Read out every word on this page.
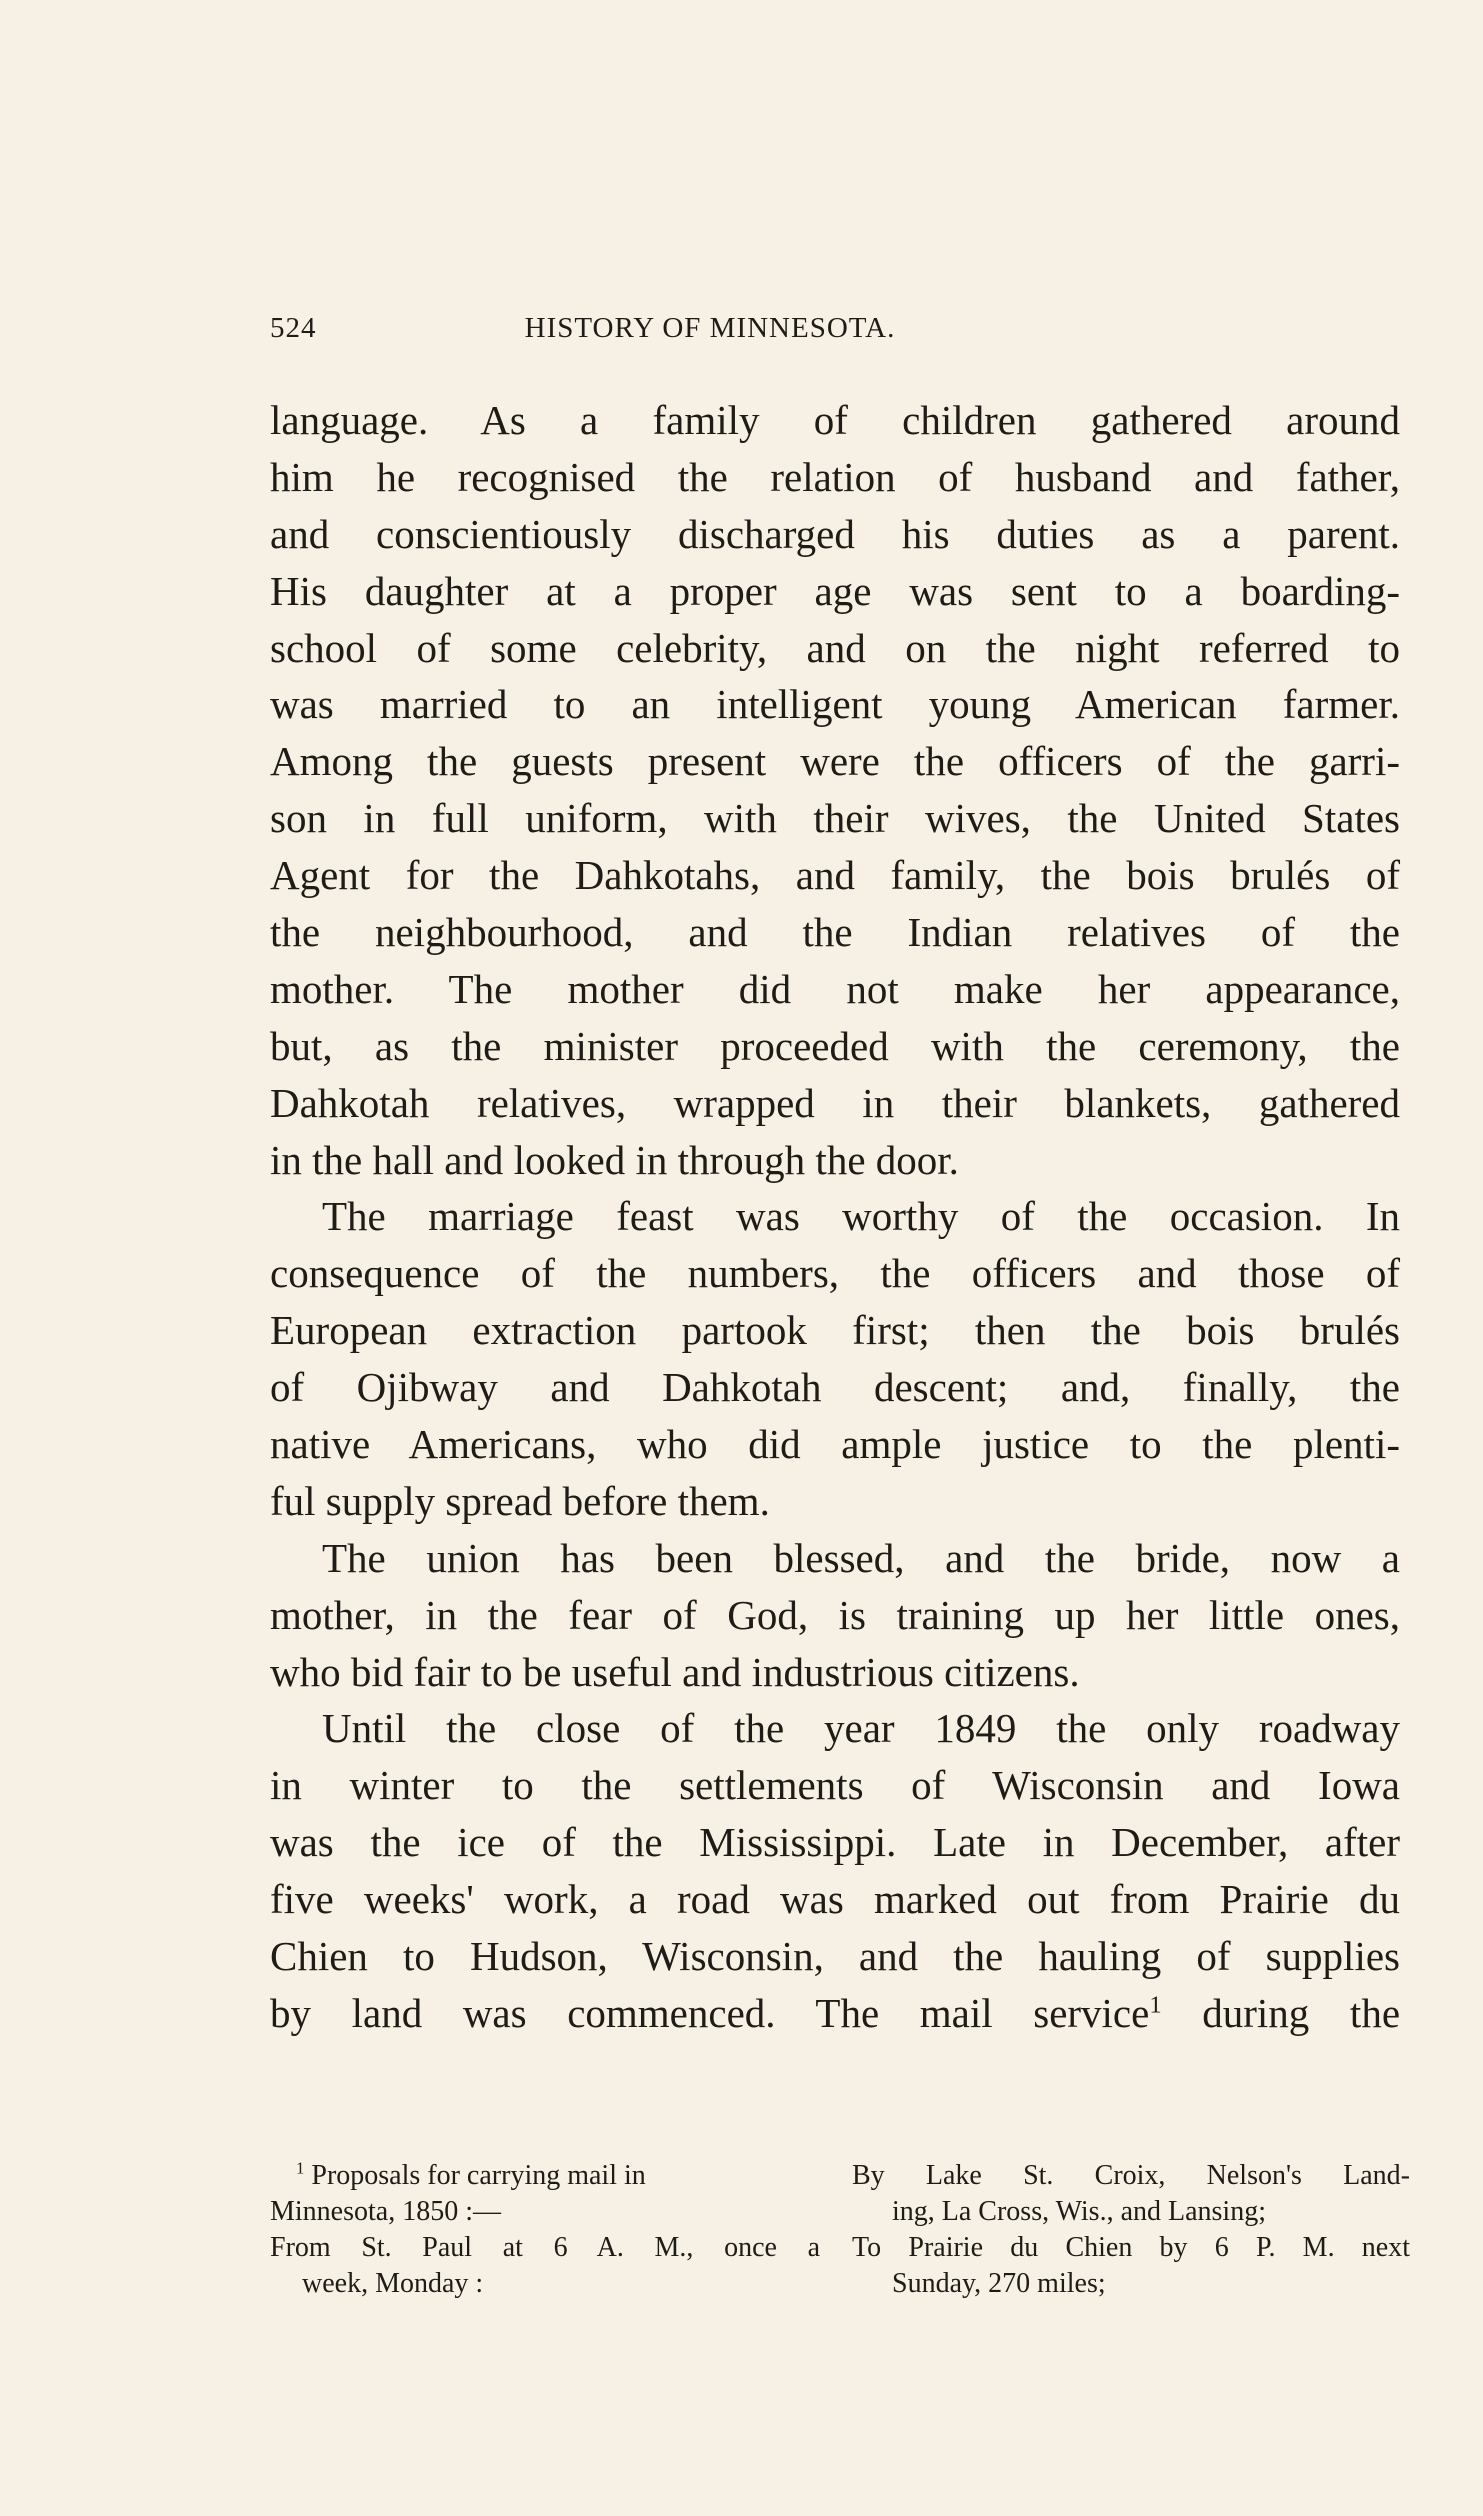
524	HISTORY OF MINNESOTA.
language. As a family of children gathered around
him he recognised the relation of husband and father,
and conscientiously discharged his duties as a parent.
His daughter at a proper age was sent to a boarding-
school of some celebrity, and on the night referred to
was married to an intelligent young American farmer.
Among the guests present were the officers of the garri-
son in full uniform, with their wives, the United States
Agent for the Dahkotahs, and family, the bois brulés of
the neighbourhood, and the Indian relatives of the
mother. The mother did not make her appearance,
but, as the minister proceeded with the ceremony, the
Dahkotah relatives, wrapped in their blankets, gathered
in the hall and looked in through the door.
The marriage feast was worthy of the occasion. In
consequence of the numbers, the officers and those of
European extraction partook first; then the bois brulés
of Ojibway and Dahkotah descent; and, finally, the
native Americans, who did ample justice to the plenti-
ful supply spread before them.
The union has been blessed, and the bride, now a
mother, in the fear of God, is training up her little ones,
who bid fair to be useful and industrious citizens.
Until the close of the year 1849 the only roadway
in winter to the settlements of Wisconsin and Iowa
was the ice of the Mississippi. Late in December, after
five weeks' work, a road was marked out from Prairie du
Chien to Hudson, Wisconsin, and the hauling of supplies
by land was commenced. The mail service$^1$ during the
$^1$ Proposals for carrying mail in
Minnesota, 1850 :—
From St. Paul at 6 A. M., once a
week, Monday :
By Lake St. Croix, Nelson's Land-
ing, La Cross, Wis., and Lansing;
To Prairie du Chien by 6 P. M. next
Sunday, 270 miles;
